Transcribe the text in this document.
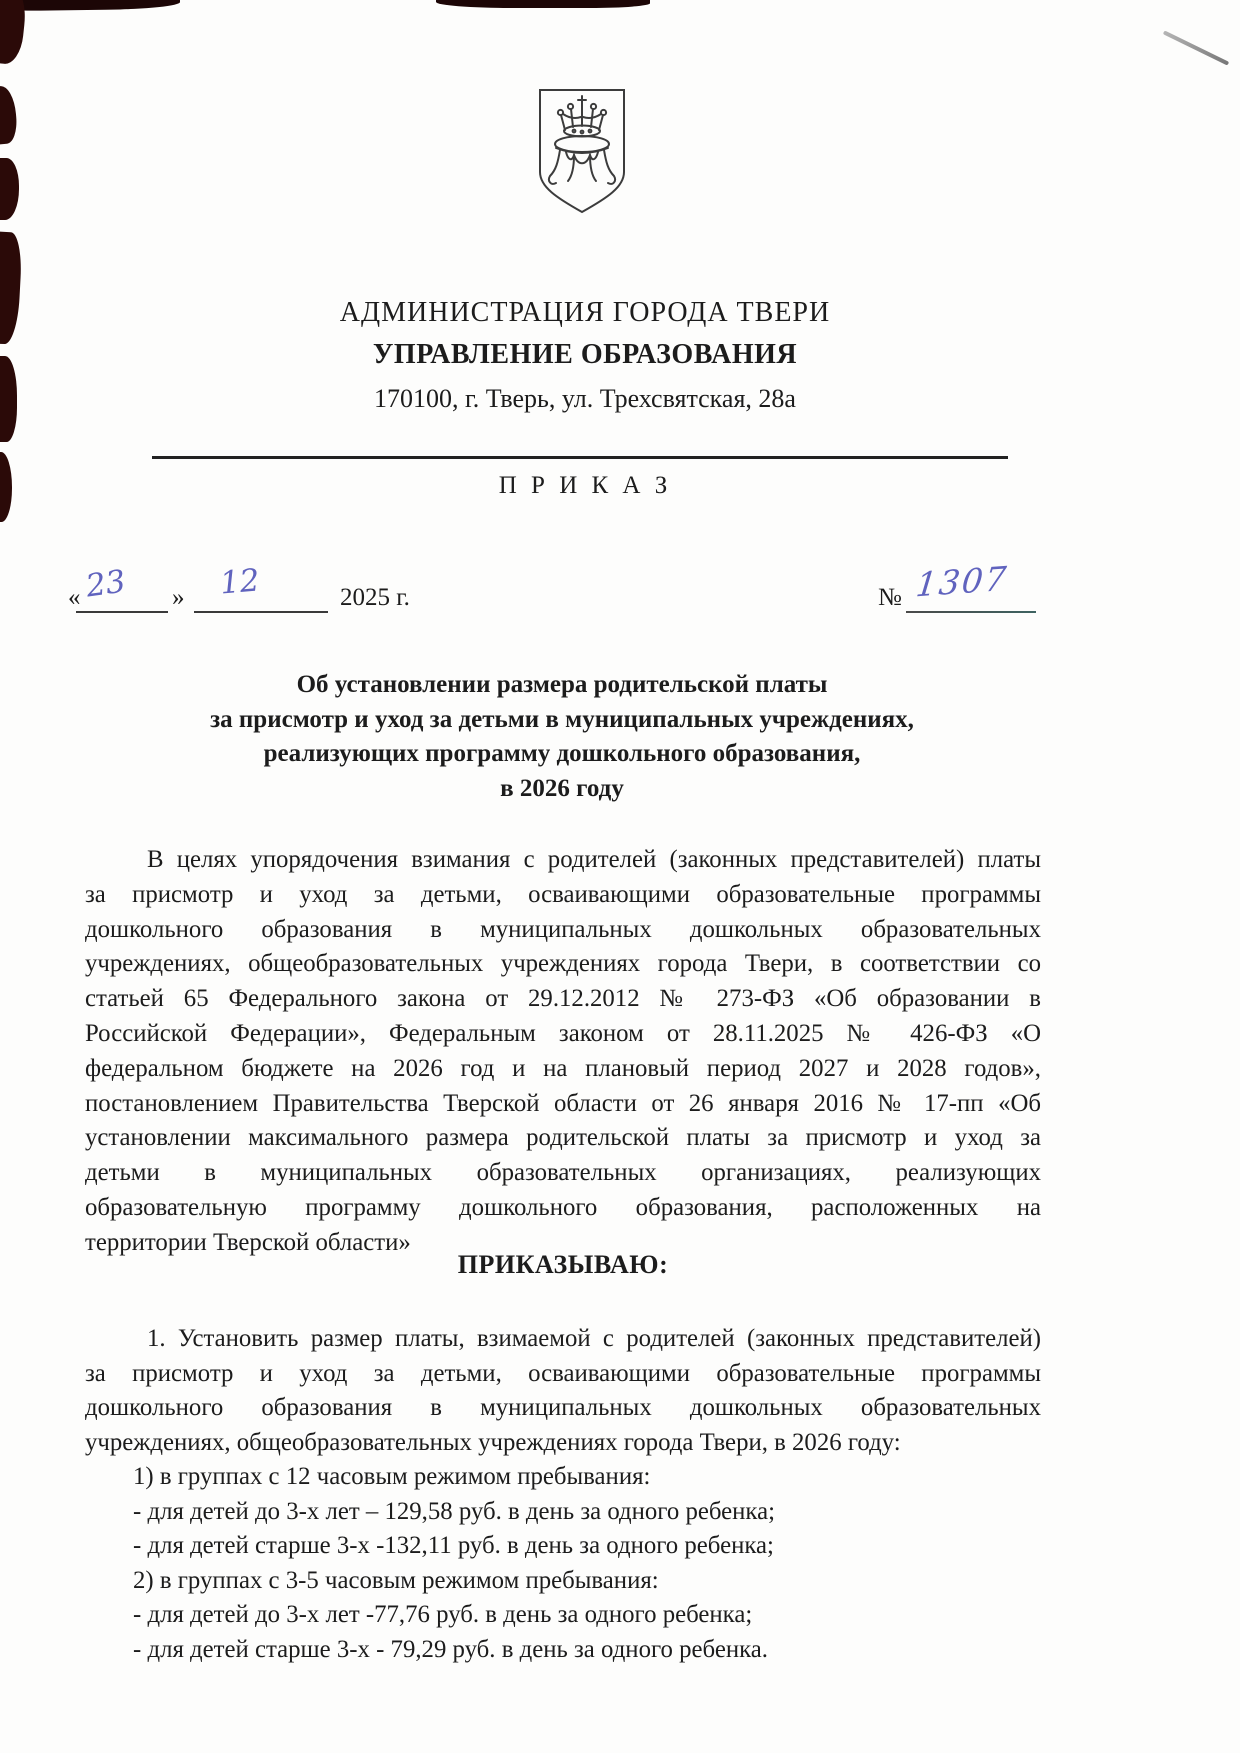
АДМИНИСТРАЦИЯ ГОРОДА ТВЕРИ
УПРАВЛЕНИЕ ОБРАЗОВАНИЯ
170100, г. Тверь, ул. Трехсвятская, 28а
П Р И К А З
« 23 » 12	2025 г.	№ 1307
Об установлении размера родительской платы
за присмотр и уход за детьми в муниципальных учреждениях,
реализующих программу дошкольного образования,
в 2026 году
В целях упорядочения взимания с родителей (законных представителей) платы
за присмотр и уход за детьми, осваивающими образовательные программы
дошкольного образования в муниципальных дошкольных образовательных
учреждениях, общеобразовательных учреждениях города Твери, в соответствии со
статьей 65 Федерального закона от 29.12.2012 № 273-ФЗ «Об образовании в
Российской Федерации», Федеральным законом от 28.11.2025 № 426-ФЗ «О
федеральном бюджете на 2026 год и на плановый период 2027 и 2028 годов»,
постановлением Правительства Тверской области от 26 января 2016 № 17-пп «Об
установлении максимального размера родительской платы за присмотр и уход за
детьми в муниципальных образовательных организациях, реализующих
образовательную программу дошкольного образования, расположенных на
территории Тверской области»
ПРИКАЗЫВАЮ:
1. Установить размер платы, взимаемой с родителей (законных представителей)
за присмотр и уход за детьми, осваивающими образовательные программы
дошкольного образования в муниципальных дошкольных образовательных
учреждениях, общеобразовательных учреждениях города Твери, в 2026 году:
1) в группах с 12 часовым режимом пребывания:
- для детей до 3-х лет – 129,58 руб. в день за одного ребенка;
- для детей старше 3-х -132,11 руб. в день за одного ребенка;
2) в группах с 3-5 часовым режимом пребывания:
- для детей до 3-х лет -77,76 руб. в день за одного ребенка;
- для детей старше 3-х - 79,29 руб. в день за одного ребенка.
